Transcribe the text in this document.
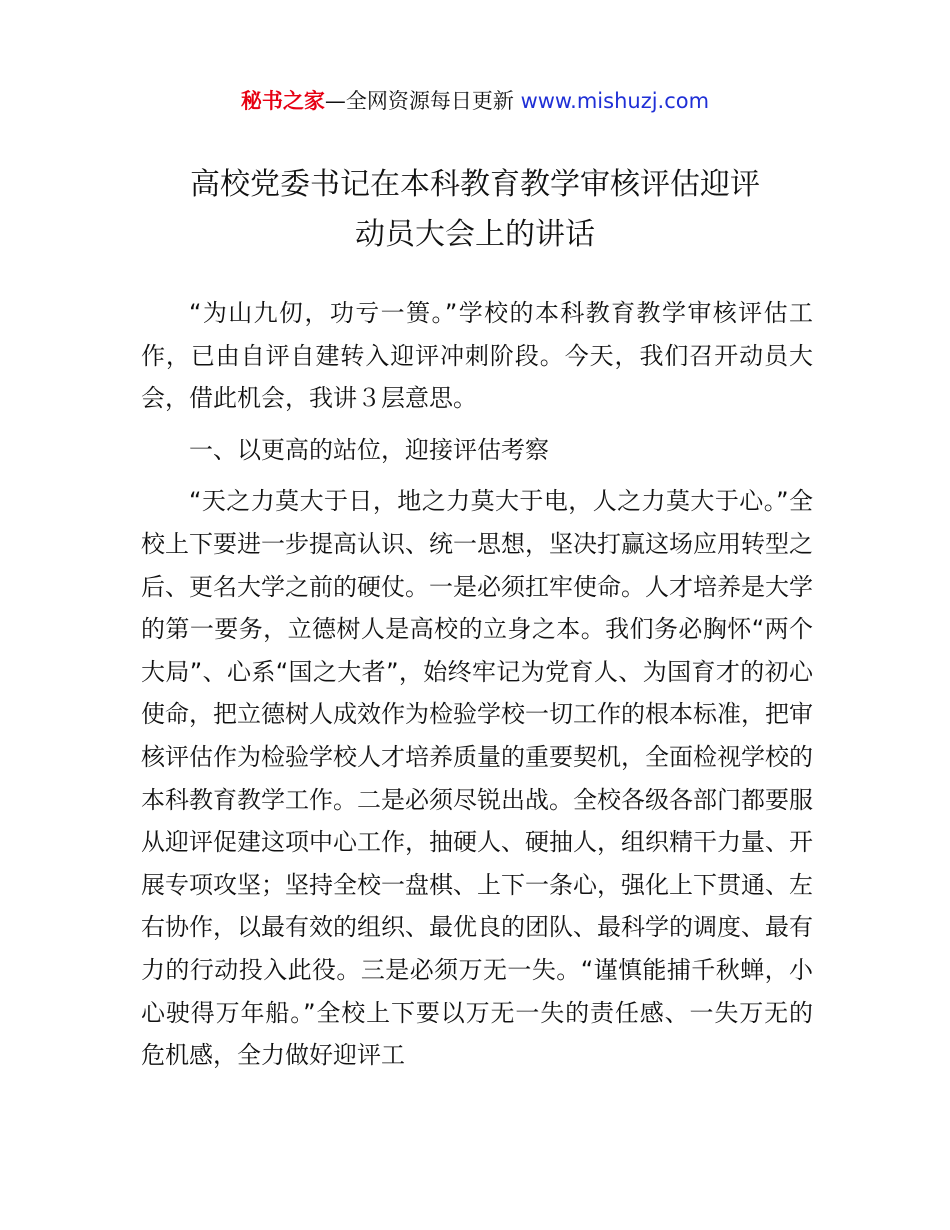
秘书之家—全网资源每日更新 www.mishuzj.com
高校党委书记在本科教育教学审核评估迎评
动员大会上的讲话

“为山九仞，功亏一篑。”学校的本科教育教学审核评估工作，已由自评自建转入迎评冲刺阶段。今天，我们召开动员大会，借此机会，我讲３层意思。

一、以更高的站位，迎接评估考察

“天之力莫大于日，地之力莫大于电，人之力莫大于心。”全校上下要进一步提高认识、统一思想，坚决打赢这场应用转型之后、更名大学之前的硬仗。一是必须扛牢使命。人才培养是大学的第一要务，立德树人是高校的立身之本。我们务必胸怀“两个大局”、心系“国之大者”，始终牢记为党育人、为国育才的初心使命，把立德树人成效作为检验学校一切工作的根本标准，把审核评估作为检验学校人才培养质量的重要契机，全面检视学校的本科教育教学工作。二是必须尽锐出战。全校各级各部门都要服从迎评促建这项中心工作，抽硬人、硬抽人，组织精干力量、开展专项攻坚；坚持全校一盘棋、上下一条心，强化上下贯通、左右协作，以最有效的组织、最优良的团队、最科学的调度、最有力的行动投入此役。三是必须万无一失。“谨慎能捕千秋蝉，小心驶得万年船。”全校上下要以万无一失的责任感、一失万无的危机感，全力做好迎评工
